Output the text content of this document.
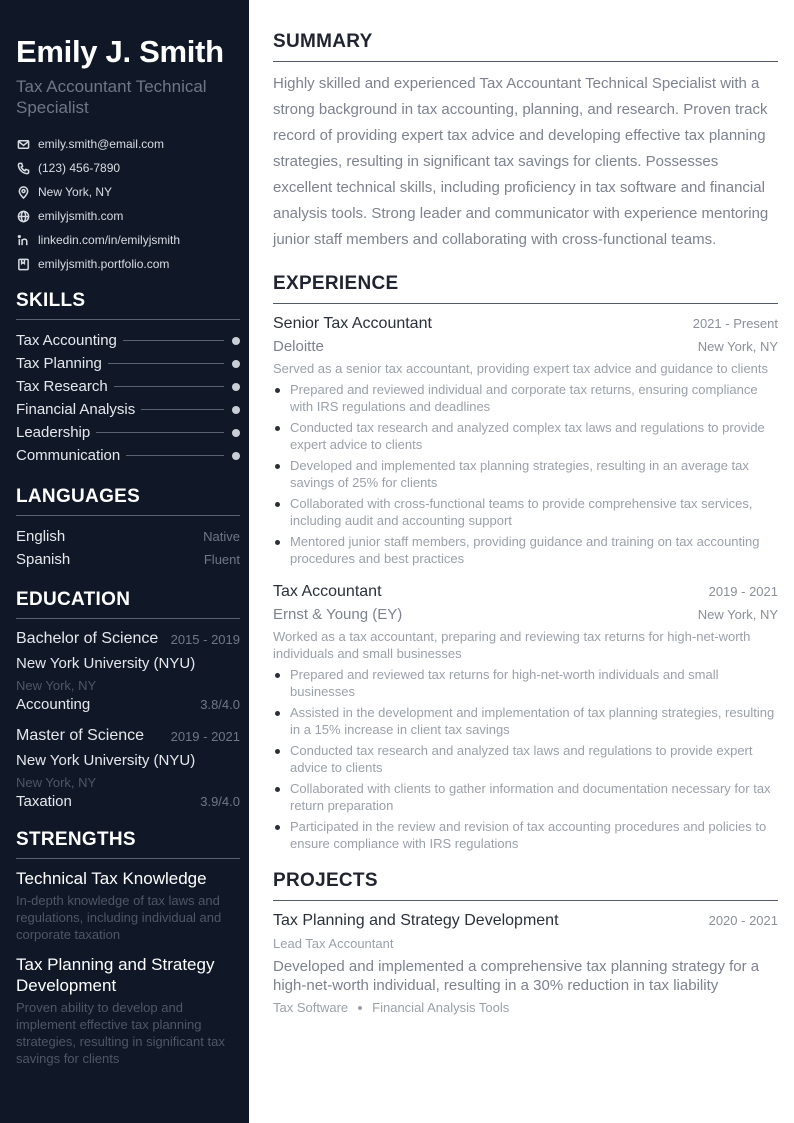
Emily J. Smith
Tax Accountant Technical Specialist
emily.smith@email.com
(123) 456-7890
New York, NY
emilyjsmith.com
linkedin.com/in/emilyjsmith
emilyjsmith.portfolio.com
SKILLS
Tax Accounting
Tax Planning
Tax Research
Financial Analysis
Leadership
Communication
LANGUAGES
English	Native
Spanish	Fluent
EDUCATION
Bachelor of Science 2015 - 2019
New York University (NYU)
New York, NY
Accounting	3.8/4.0
Master of Science 2019 - 2021
New York University (NYU)
New York, NY
Taxation	3.9/4.0
STRENGTHS
Technical Tax Knowledge
In-depth knowledge of tax laws and regulations, including individual and corporate taxation
Tax Planning and Strategy Development
Proven ability to develop and implement effective tax planning strategies, resulting in significant tax savings for clients
SUMMARY

Highly skilled and experienced Tax Accountant Technical Specialist with a strong background in tax accounting, planning, and research. Proven track record of providing expert tax advice and developing effective tax planning strategies, resulting in significant tax savings for clients. Possesses excellent technical skills, including proficiency in tax software and financial analysis tools. Strong leader and communicator with experience mentoring junior staff members and collaborating with cross-functional teams.

EXPERIENCE
Senior Tax Accountant	2021 - Present
Deloitte	New York, NY
Served as a senior tax accountant, providing expert tax advice and guidance to clients
Prepared and reviewed individual and corporate tax returns, ensuring compliance with IRS regulations and deadlines
Conducted tax research and analyzed complex tax laws and regulations to provide expert advice to clients
Developed and implemented tax planning strategies, resulting in an average tax savings of 25% for clients
Collaborated with cross-functional teams to provide comprehensive tax services, including audit and accounting support
Mentored junior staff members, providing guidance and training on tax accounting procedures and best practices
Tax Accountant	2019 - 2021
Ernst & Young (EY)	New York, NY
Worked as a tax accountant, preparing and reviewing tax returns for high-net-worth individuals and small businesses
Prepared and reviewed tax returns for high-net-worth individuals and small businesses
Assisted in the development and implementation of tax planning strategies, resulting in a 15% increase in client tax savings
Conducted tax research and analyzed tax laws and regulations to provide expert advice to clients
Collaborated with clients to gather information and documentation necessary for tax return preparation
Participated in the review and revision of tax accounting procedures and policies to ensure compliance with IRS regulations
PROJECTS
Tax Planning and Strategy Development	2020 - 2021
Lead Tax Accountant
Developed and implemented a comprehensive tax planning strategy for a high-net-worth individual, resulting in a 30% reduction in tax liability
Tax Software Financial Analysis Tools
